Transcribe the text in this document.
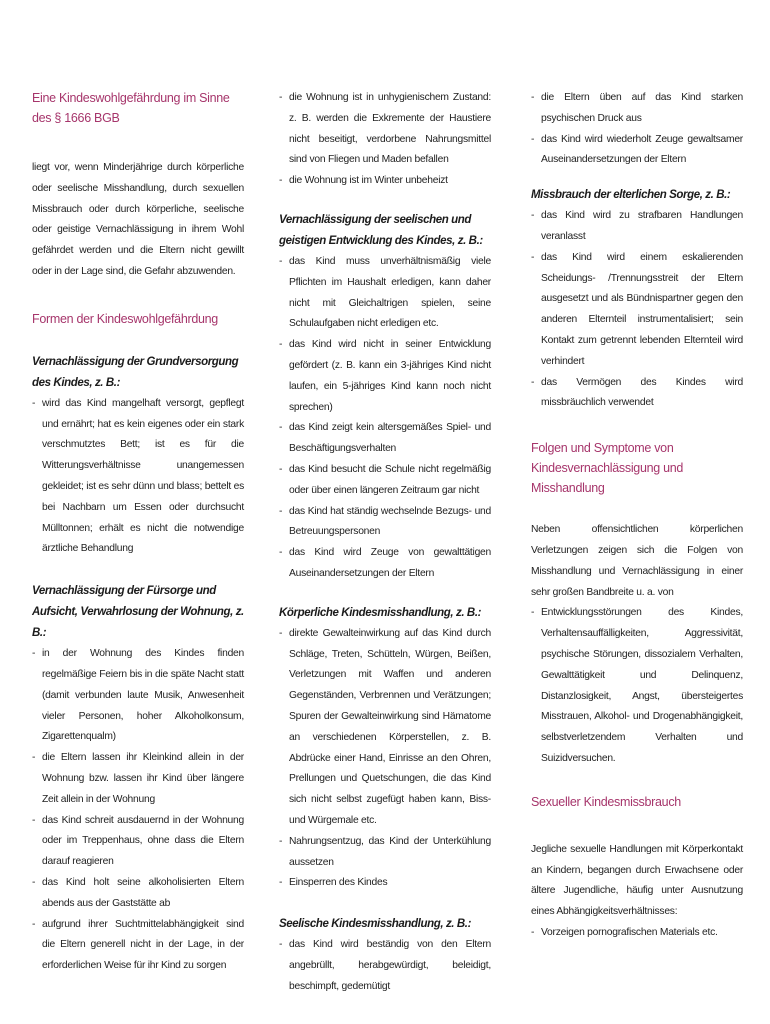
Eine Kindeswohlgefährdung im Sinne des § 1666 BGB

liegt vor, wenn Minderjährige durch körperliche oder seelische Misshandlung, durch sexuellen Missbrauch oder durch körperliche, seelische oder geistige Vernachlässigung in ihrem Wohl gefährdet werden und die Eltern nicht gewillt oder in der Lage sind, die Gefahr abzuwenden.

Formen der Kindeswohlgefährdung
Vernachlässigung der Grundversorgung des Kindes, z. B.:
- wird das Kind mangelhaft versorgt, gepflegt und ernährt; hat es kein eigenes oder ein stark verschmutztes Bett; ist es für die Witterungsverhältnisse unangemessen gekleidet; ist es sehr dünn und blass; bettelt es bei Nachbarn um Essen oder durchsucht Mülltonnen; erhält es nicht die notwendige ärztliche Behandlung
Vernachlässigung der Fürsorge und Aufsicht, Verwahrlosung der Wohnung, z. B.:
- in der Wohnung des Kindes finden regelmäßige Feiern bis in die späte Nacht statt (damit verbunden laute Musik, Anwesenheit vieler Personen, hoher Alkoholkonsum, Zigarettenqualm)
- die Eltern lassen ihr Kleinkind allein in der Wohnung bzw. lassen ihr Kind über längere Zeit allein in der Wohnung
- das Kind schreit ausdauernd in der Wohnung oder im Treppenhaus, ohne dass die Eltern darauf reagieren
- das Kind holt seine alkoholisierten Eltern abends aus der Gaststätte ab
- aufgrund ihrer Suchtmittelabhängigkeit sind die Eltern generell nicht in der Lage, in der erforderlichen Weise für ihr Kind zu sorgen
- die Wohnung ist in unhygienischem Zustand: z. B. werden die Exkremente der Haustiere nicht beseitigt, verdorbene Nahrungsmittel sind von Fliegen und Maden befallen
- die Wohnung ist im Winter unbeheizt
Vernachlässigung der seelischen und geistigen Entwicklung des Kindes, z. B.:
- das Kind muss unverhältnismäßig viele Pflichten im Haushalt erledigen, kann daher nicht mit Gleichaltrigen spielen, seine Schulaufgaben nicht erledigen etc.
- das Kind wird nicht in seiner Entwicklung gefördert (z. B. kann ein 3-jähriges Kind nicht laufen, ein 5-jähriges Kind kann noch nicht sprechen)
- das Kind zeigt kein altersgemäßes Spiel- und Beschäftigungsverhalten
- das Kind besucht die Schule nicht regelmäßig oder über einen längeren Zeitraum gar nicht
- das Kind hat ständig wechselnde Bezugs- und Betreuungspersonen
- das Kind wird Zeuge von gewalttätigen Auseinandersetzungen der Eltern
Körperliche Kindesmisshandlung, z. B.:
- direkte Gewalteinwirkung auf das Kind durch Schläge, Treten, Schütteln, Würgen, Beißen, Verletzungen mit Waffen und anderen Gegenständen, Verbrennen und Verätzungen; Spuren der Gewalteinwirkung sind Hämatome an verschiedenen Körperstellen, z. B. Abdrücke einer Hand, Einrisse an den Ohren, Prellungen und Quetschungen, die das Kind sich nicht selbst zugefügt haben kann, Biss- und Würgemale etc.
- Nahrungsentzug, das Kind der Unterkühlung aussetzen
- Einsperren des Kindes
Seelische Kindesmisshandlung, z. B.:
- das Kind wird beständig von den Eltern angebrüllt, herabgewürdigt, beleidigt, beschimpft, gedemütigt
- die Eltern üben auf das Kind starken psychischen Druck aus
- das Kind wird wiederholt Zeuge gewaltsamer Auseinandersetzungen der Eltern
Missbrauch der elterlichen Sorge, z. B.:
- das Kind wird zu strafbaren Handlungen veranlasst
- das Kind wird einem eskalierenden Scheidungs- /Trennungsstreit der Eltern ausgesetzt und als Bündnispartner gegen den anderen Elternteil instrumentalisiert; sein Kontakt zum getrennt lebenden Elternteil wird verhindert
- das Vermögen des Kindes wird missbräuchlich verwendet
Folgen und Symptome von Kindesvernachlässigung und Misshandlung

Neben offensichtlichen körperlichen Verletzungen zeigen sich die Folgen von Misshandlung und Vernachlässigung in einer sehr großen Bandbreite u. a. von

- Entwicklungsstörungen des Kindes, Verhaltensauffälligkeiten, Aggressivität, psychische Störungen, dissozialem Verhalten, Gewalttätigkeit und Delinquenz, Distanzlosigkeit, Angst, übersteigertes Misstrauen, Alkohol- und Drogenabhängigkeit, selbstverletzendem Verhalten und Suizidversuchen.
Sexueller Kindesmissbrauch

Jegliche sexuelle Handlungen mit Körperkontakt an Kindern, begangen durch Erwachsene oder ältere Jugendliche, häufig unter Ausnutzung eines Abhängigkeitsverhältnisses:

- Vorzeigen pornografischen Materials etc.
